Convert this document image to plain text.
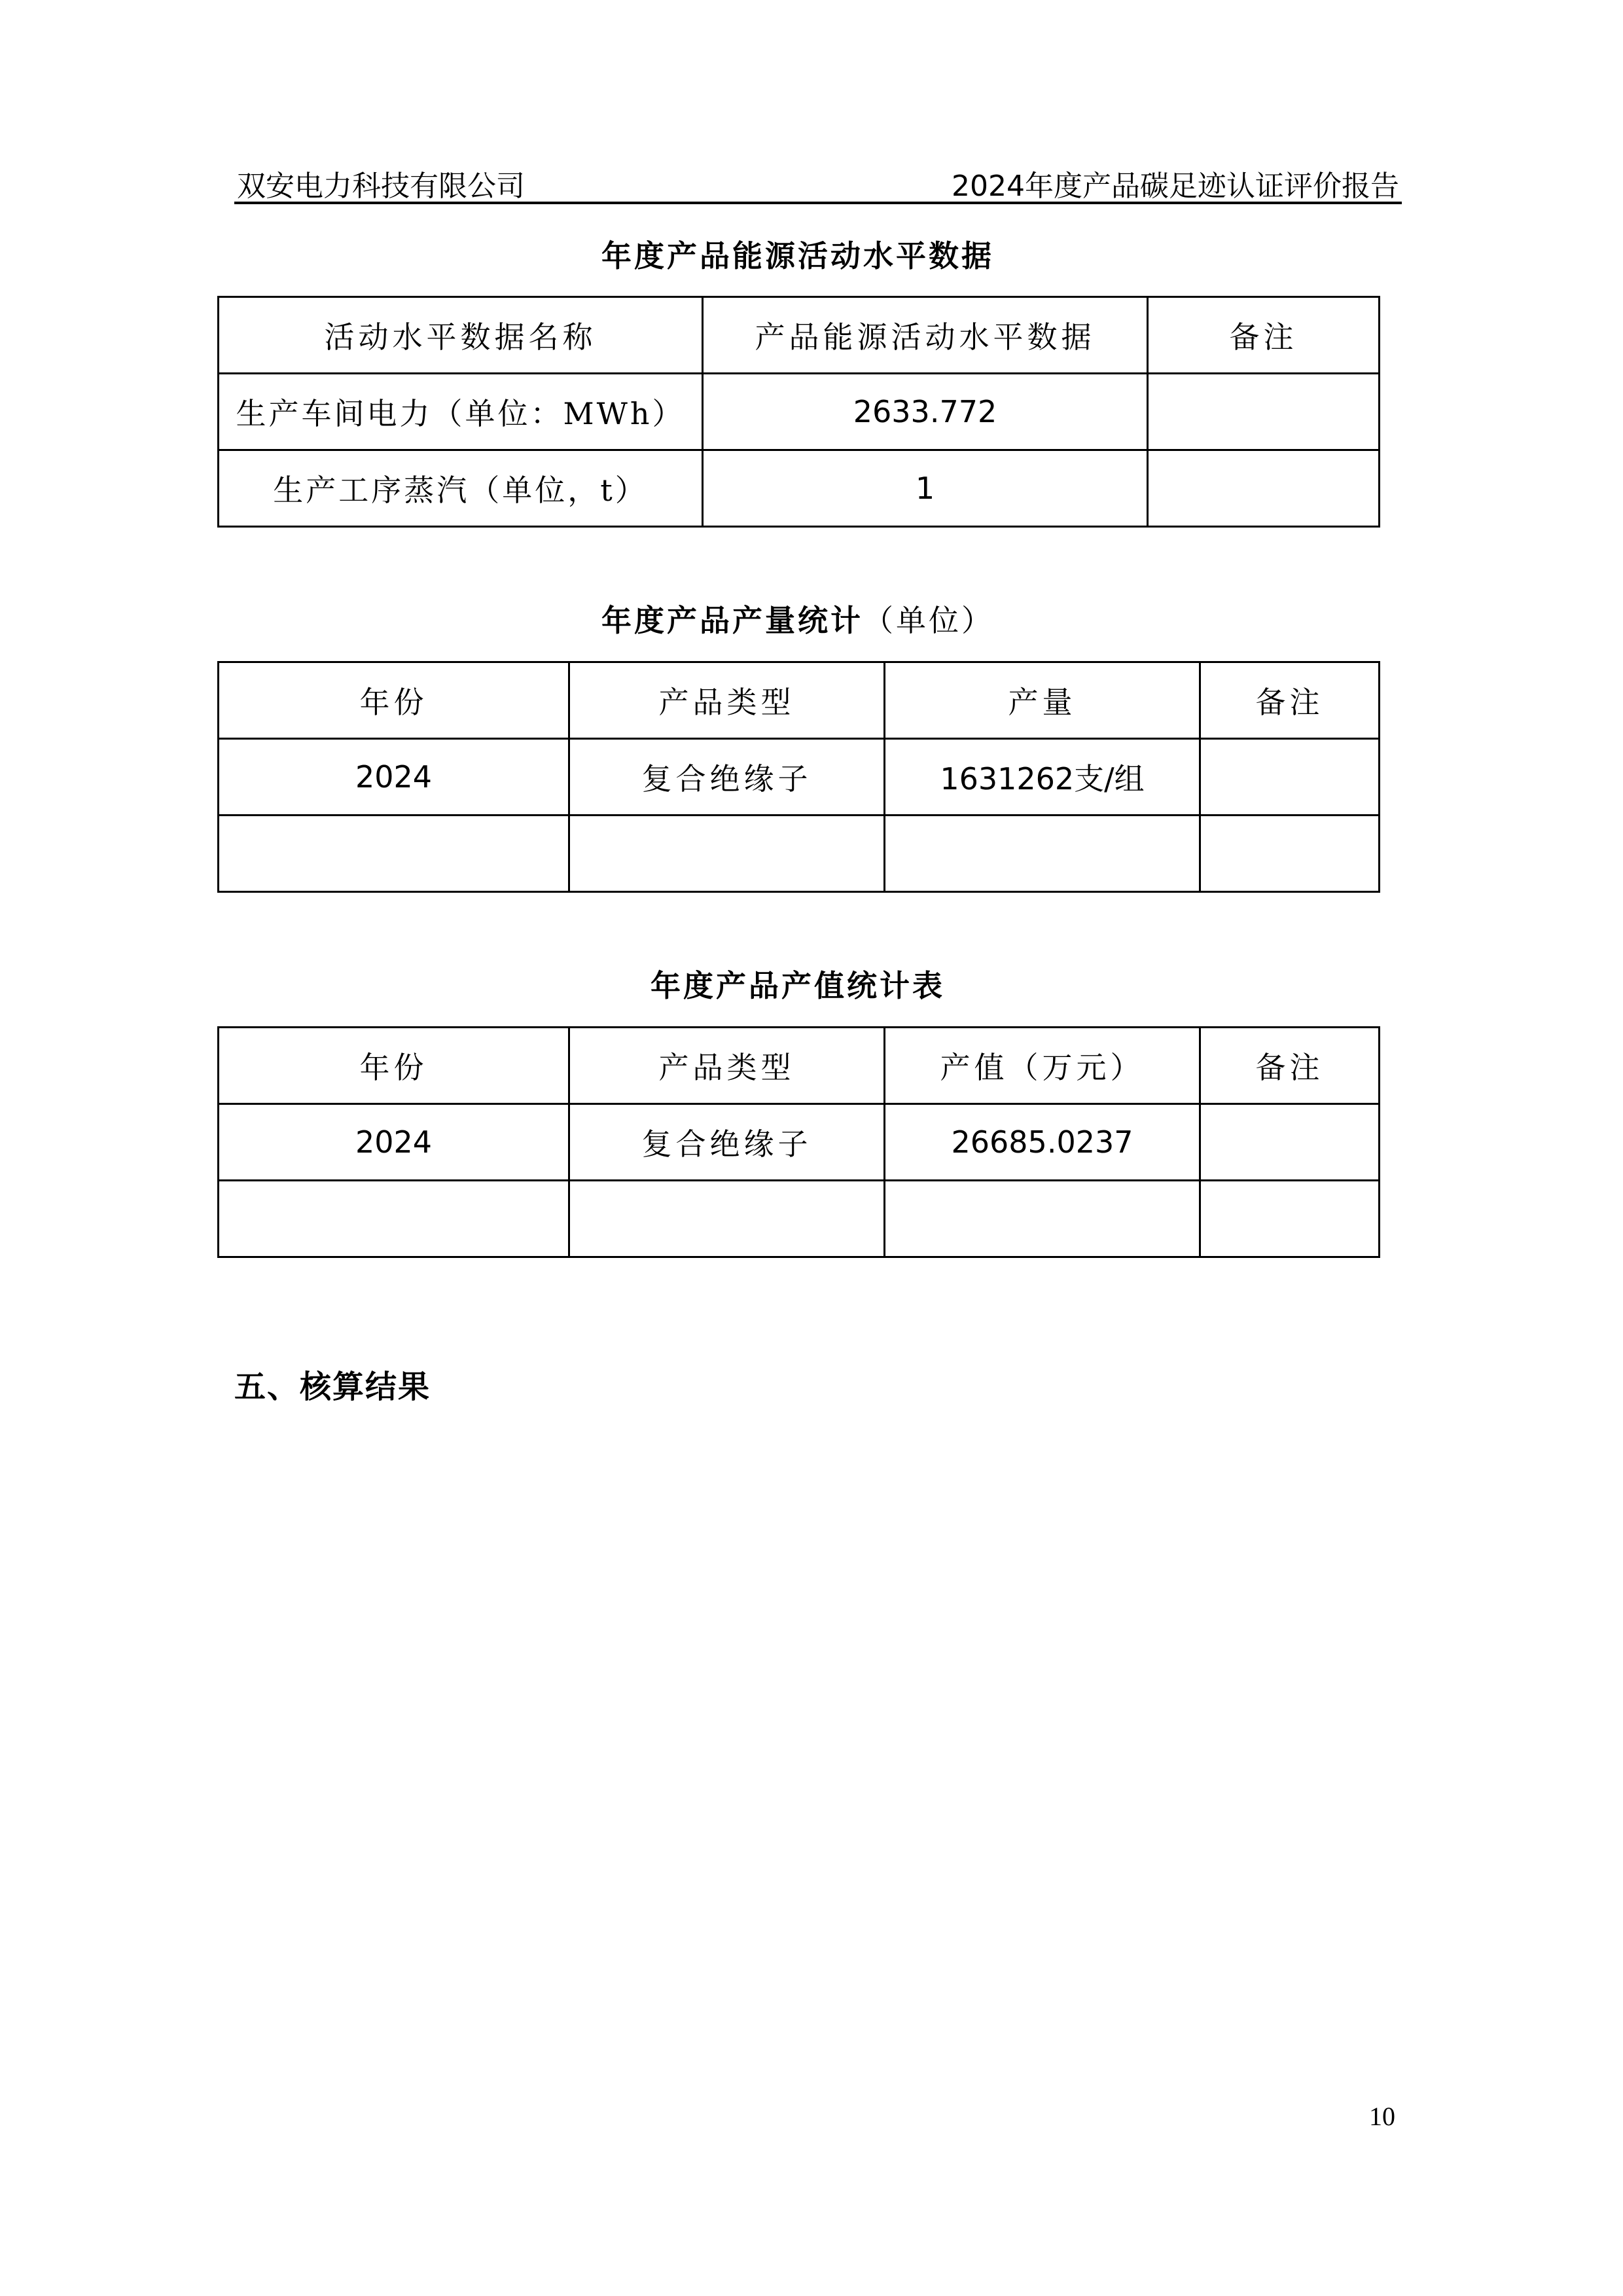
双安电力科技有限公司	2024年度产品碳足迹认证评价报告
年度产品能源活动水平数据
活动水平数据名称	产品能源活动水平数据	备注
生产车间电力（单位：MWh）	2633.772	
生产工序蒸汽（单位，t）	1	
年度产品产量统计（单位）
年份	产品类型	产量	备注
2024	复合绝缘子	1631262支/组	

年度产品产值统计表
年份	产品类型	产值（万元）	备注
2024	复合绝缘子	26685.0237	

五、核算结果
10
